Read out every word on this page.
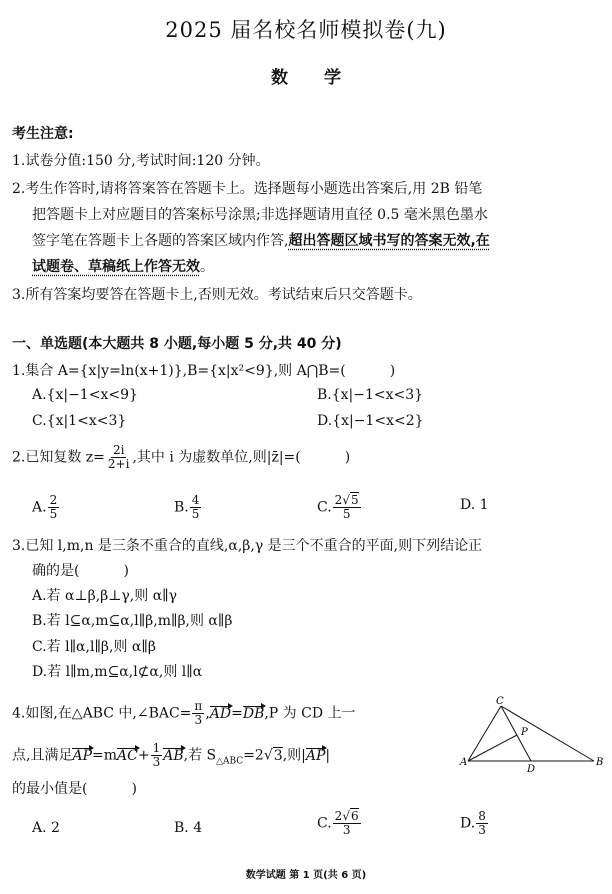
2025 届名校名师模拟卷(九)
数 学
考生注意:
1.试卷分值:150 分,考试时间:120 分钟。
2.考生作答时,请将答案答在答题卡上。选择题每小题选出答案后,用 2B 铅笔
把答题卡上对应题目的答案标号涂黑;非选择题请用直径 0.5 毫米黑色墨水
签字笔在答题卡上各题的答案区域内作答,超出答题区域书写的答案无效,在
试题卷、草稿纸上作答无效。
3.所有答案均要答在答题卡上,否则无效。考试结束后只交答题卡。
一、单选题(本大题共 8 小题,每小题 5 分,共 40 分)
1.集合 A={x|y=ln(x+1)},B={x|x²<9},则 A⋂B=(	)
A.{x|−1<x<9}	B.{x|−1<x<3}
C.{x|1<x<3}	D.{x|−1<x<2}
2.已知复数 $z= \frac{2i}{2+i}$ ,其中 i 为虚数单位,则|z̄|=(	)
A. $\frac{2}{5}$	B. $\frac{4}{5}$	C. $\frac{2√5}{5}$	D. 1
3.已知 l,m,n 是三条不重合的直线,α,β,γ 是三个不重合的平面,则下列结论正
确的是(	)
A.若 α⊥β,β⊥γ,则 α∥γ
B.若 l⊆α,m⊆α,l∥β,m∥β,则 α∥β
C.若 l∥α,l∥β,则 α∥β
D.若 l∥m,m⊆α,l⊄α,则 l∥α
4.如图,在△ABC 中,∠BAC= $\frac{\pi}{3} ,AD=DB,P$ 为 CD 上一
点,且满足$AP=mAC+ \frac{1}{3}$ AB,若 $S_{\triangle ABC}=2√3$,则|AP|
的最小值是(	)
A. 2	B. 4	C. $\frac{2√6}{3}$	D. $\frac{8}{3}$
A	B
C
D
P
数学试题 第 1 页(共 6 页)
